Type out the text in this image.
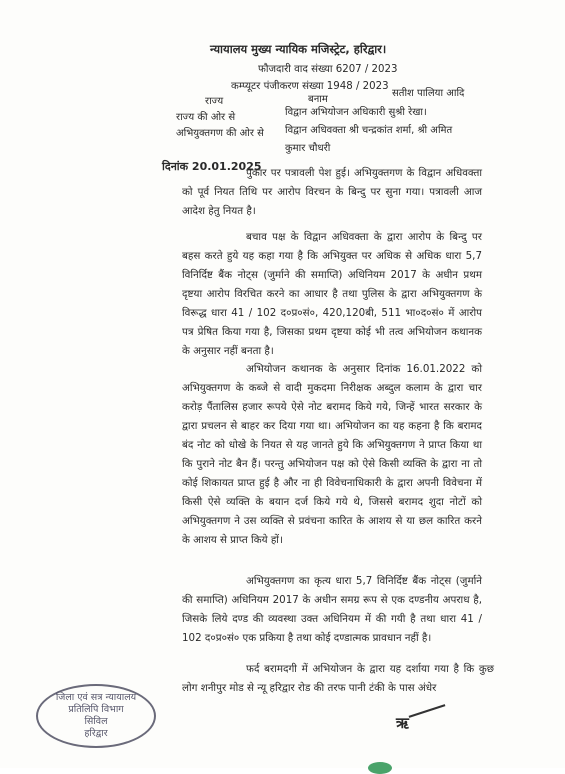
न्यायालय मुख्य न्यायिक मजिस्ट्रेट, हरिद्वार।
फौजदारी वाद संख्या 6207 / 2023
कम्प्यूटर पंजीकरण संख्या 1948 / 2023
राज्य	बनाम
सतीश पालिया आदि
राज्य की ओर से	विद्वान अभियोजन अधिकारी सुश्री रेखा।
अभियुक्तगण की ओर से विद्वान अधिवक्ता श्री चन्द्रकांत शर्मा, श्री अमित
कुमार चौधरी
दिनांक 20.01.2025

पुकार पर पत्रावली पेश हुई। अभियुक्तगण के विद्वान अधिवक्ता को पूर्व नियत तिथि पर आरोप विरचन के बिन्दु पर सुना गया। पत्रावली आज आदेश हेतु नियत है।

बचाव पक्ष के विद्वान अधिवक्ता के द्वारा आरोप के बिन्दु पर बहस करते हुये यह कहा गया है कि अभियुक्त पर अधिक से अधिक धारा 5,7 विनिर्दिष्ट बैंक नोट्स (जुर्माने की समाप्ति) अधिनियम 2017 के अधीन प्रथम दृष्टया आरोप विरचित करने का आधार है तथा पुलिस के द्वारा अभियुक्तगण के विरूद्ध धारा 41 / 102 द०प्र०सं०, 420,120बी, 511 भा०द०सं० में आरोप पत्र प्रेषित किया गया है, जिसका प्रथम दृष्टया कोई भी तत्व अभियोजन कथानक के अनुसार नहीं बनता है।

अभियोजन कथानक के अनुसार दिनांक 16.01.2022 को अभियुक्तगण के कब्जे से वादी मुकदमा निरीक्षक अब्दुल कलाम के द्वारा चार करोड़ पैंतालिस हजार रूपये ऐसे नोट बरामद किये गये, जिन्हें भारत सरकार के द्वारा प्रचलन से बाहर कर दिया गया था। अभियोजन का यह कहना है कि बरामद बंद नोट को धोखे के नियत से यह जानते हुये कि अभियुक्तगण ने प्राप्त किया था कि पुराने नोट बैन हैं। परन्तु अभियोजन पक्ष को ऐसे किसी व्यक्ति के द्वारा ना तो कोई शिकायत प्राप्त हुई है और ना ही विवेचनाधिकारी के द्वारा अपनी विवेचना में किसी ऐसे व्यक्ति के बयान दर्ज किये गये थे, जिससे बरामद शुदा नोटों को अभियुक्तगण ने उस व्यक्ति से प्रवंचना कारित के आशय से या छल कारित करने के आशय से प्राप्त किये हों।

अभियुक्तगण का कृत्य धारा 5,7 विनिर्दिष्ट बैंक नोट्स (जुर्माने की समाप्ति) अधिनियम 2017 के अधीन समग्र रूप से एक दण्डनीय अपराध है, जिसके लिये दण्ड की व्यवस्था उक्त अधिनियम में की गयी है तथा धारा 41 / 102 द०प्र०सं० एक प्रकिया है तथा कोई दण्डात्मक प्रावधान नहीं है।

फर्द बरामदगी में अभियोजन के द्वारा यह दर्शाया गया है कि कुछ लोग शनीपुर मोड से न्यू हरिद्वार रोड की तरफ पानी टंकी के पास अंधेर

जिला एवं सत्र न्यायालय
प्रतिलिपि विभाग
सिविल
हरिद्वार
ऋ
